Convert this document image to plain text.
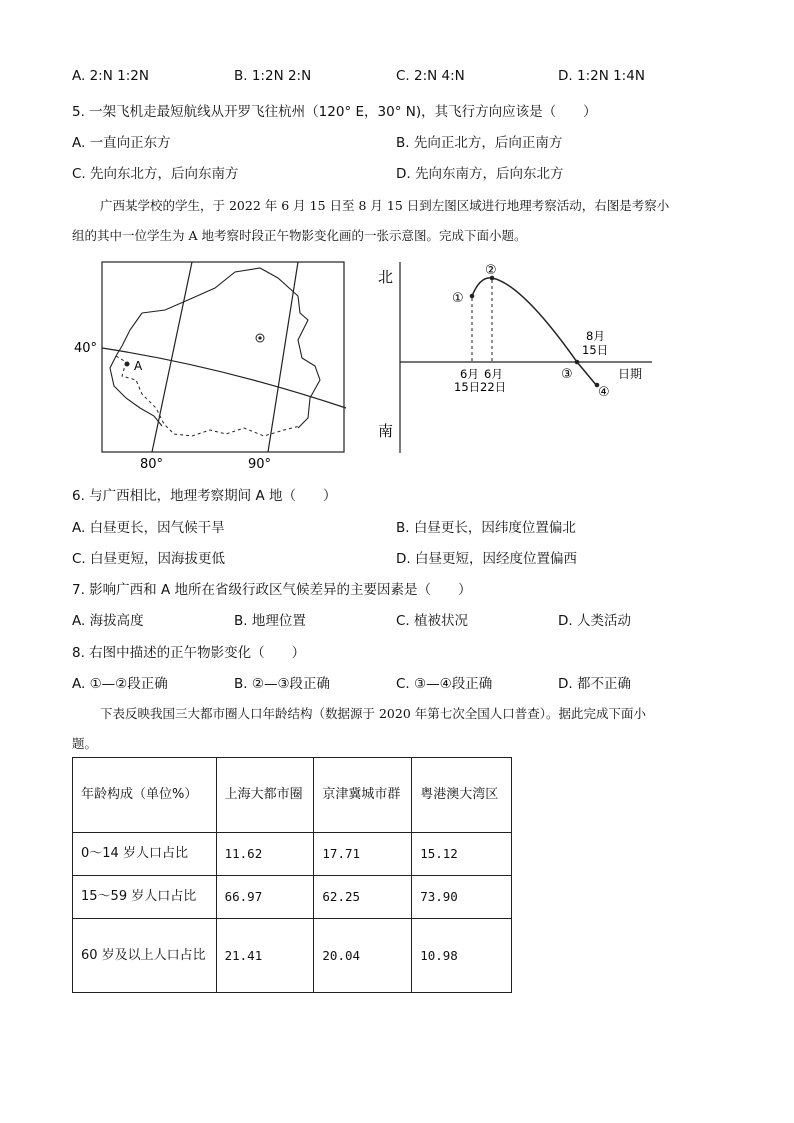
A. 2:N 1:2N	B. 1:2N 2:N	C. 2:N 4:N	D. 1:2N 1:4N
5. 一架飞机走最短航线从开罗飞往杭州（120° E，30° N)，其飞行方向应该是（　　）
A. 一直向正东方	B. 先向正北方，后向正南方
C. 先向东北方，后向东南方	D. 先向东南方，后向东北方
广西某学校的学生，于 2022 年 6 月 15 日至 8 月 15 日到左图区域进行地理考察活动，右图是考察小
组的其中一位学生为 A 地考察时段正午物影变化画的一张示意图。完成下面小题。
A
40°
80°	90°
北
南
日期
①
②
③
④
6月
15日
6月
22日
8月
15日
6. 与广西相比，地理考察期间 A 地（　　）
A. 白昼更长，因气候干旱	B. 白昼更长，因纬度位置偏北
C. 白昼更短，因海拔更低	D. 白昼更短，因经度位置偏西
7. 影响广西和 A 地所在省级行政区气候差异的主要因素是（　　）
A. 海拔高度	B. 地理位置	C. 植被状况	D. 人类活动
8. 右图中描述的正午物影变化（　　）
A. ①—②段正确	B. ②—③段正确	C. ③—④段正确	D. 都不正确
下表反映我国三大都市圈人口年龄结构（数据源于 2020 年第七次全国人口普查）。据此完成下面小
题。
年龄构成（单位%）	上海大都市圈	京津冀城市群	粤港澳大湾区
0～14 岁人口占比	11.62	17.71	15.12
15～59 岁人口占比	66.97	62.25	73.90
60 岁及以上人口占比	21.41	20.04	10.98
